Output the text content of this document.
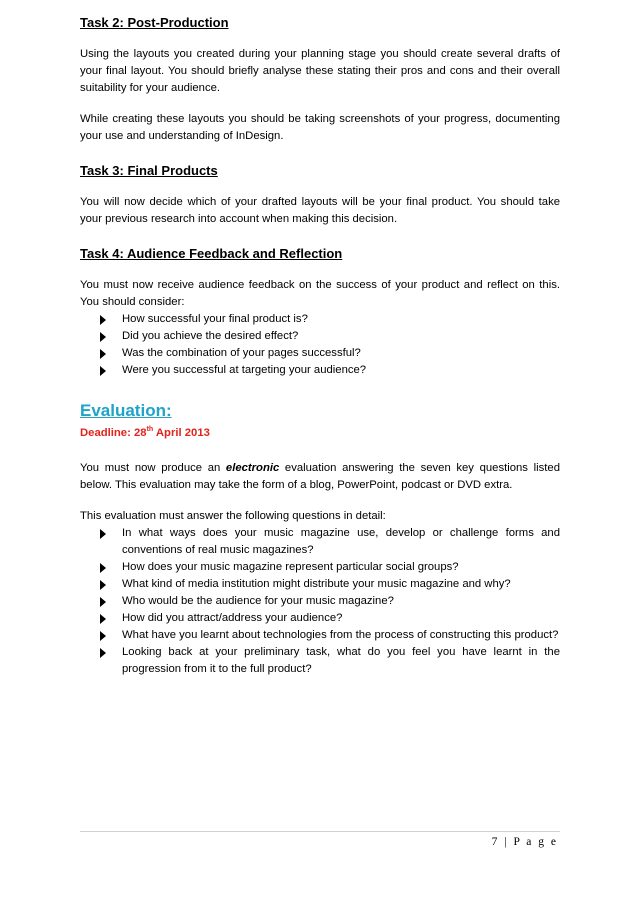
Task 2: Post-Production

Using the layouts you created during your planning stage you should create several drafts of your final layout. You should briefly analyse these stating their pros and cons and their overall suitability for your audience.

While creating these layouts you should be taking screenshots of your progress, documenting your use and understanding of InDesign.

Task 3: Final Products

You will now decide which of your drafted layouts will be your final product. You should take your previous research into account when making this decision.

Task 4: Audience Feedback and Reflection

You must now receive audience feedback on the success of your product and reflect on this. You should consider:

How successful your final product is?
Did you achieve the desired effect?
Was the combination of your pages successful?
Were you successful at targeting your audience?
Evaluation:

Deadline: 28th April 2013

You must now produce an electronic evaluation answering the seven key questions listed below. This evaluation may take the form of a blog, PowerPoint, podcast or DVD extra.

This evaluation must answer the following questions in detail:

In what ways does your music magazine use, develop or challenge forms and conventions of real music magazines?
How does your music magazine represent particular social groups?
What kind of media institution might distribute your music magazine and why?
Who would be the audience for your music magazine?
How did you attract/address your audience?
What have you learnt about technologies from the process of constructing this product?
Looking back at your preliminary task, what do you feel you have learnt in the progression from it to the full product?
7 | P a g e
